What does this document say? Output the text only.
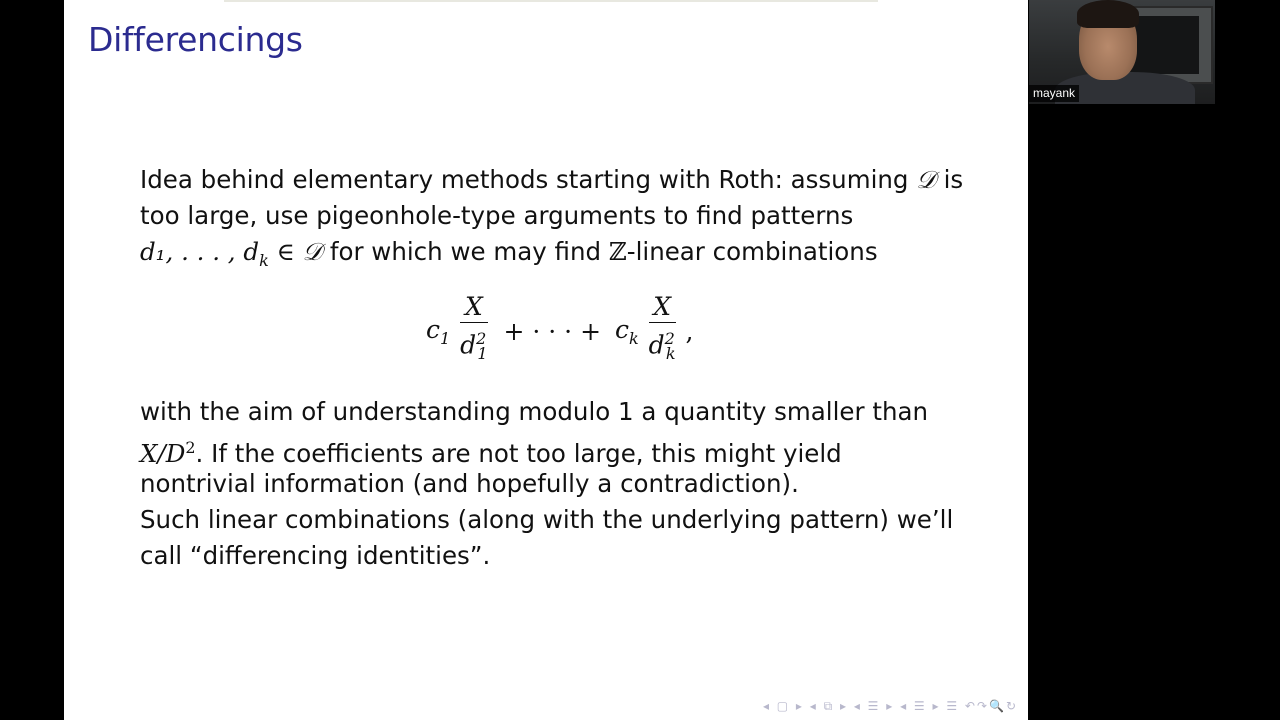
Differencings
Idea behind elementary methods starting with Roth: assuming 𝒟 is
too large, use pigeonhole-type arguments to find patterns
d₁, . . . , $d_k$ ∈ 𝒟 for which we may find ℤ-linear combinations
$c_1 \frac{X}{d^2_1}$ + · · · + $c_k \frac{X}{d^2_k}$ ,
with the aim of understanding modulo 1 a quantity smaller than
$X/D^2$. If the coefficients are not too large, this might yield
nontrivial information (and hopefully a contradiction).
Such linear combinations (along with the underlying pattern) we’ll
call “differencing identities”.
◂ ▢ ▸ ◂ ⧉ ▸ ◂ ☰ ▸ ◂ ☰ ▸ ☰ ↶↷🔍↻
mayank
